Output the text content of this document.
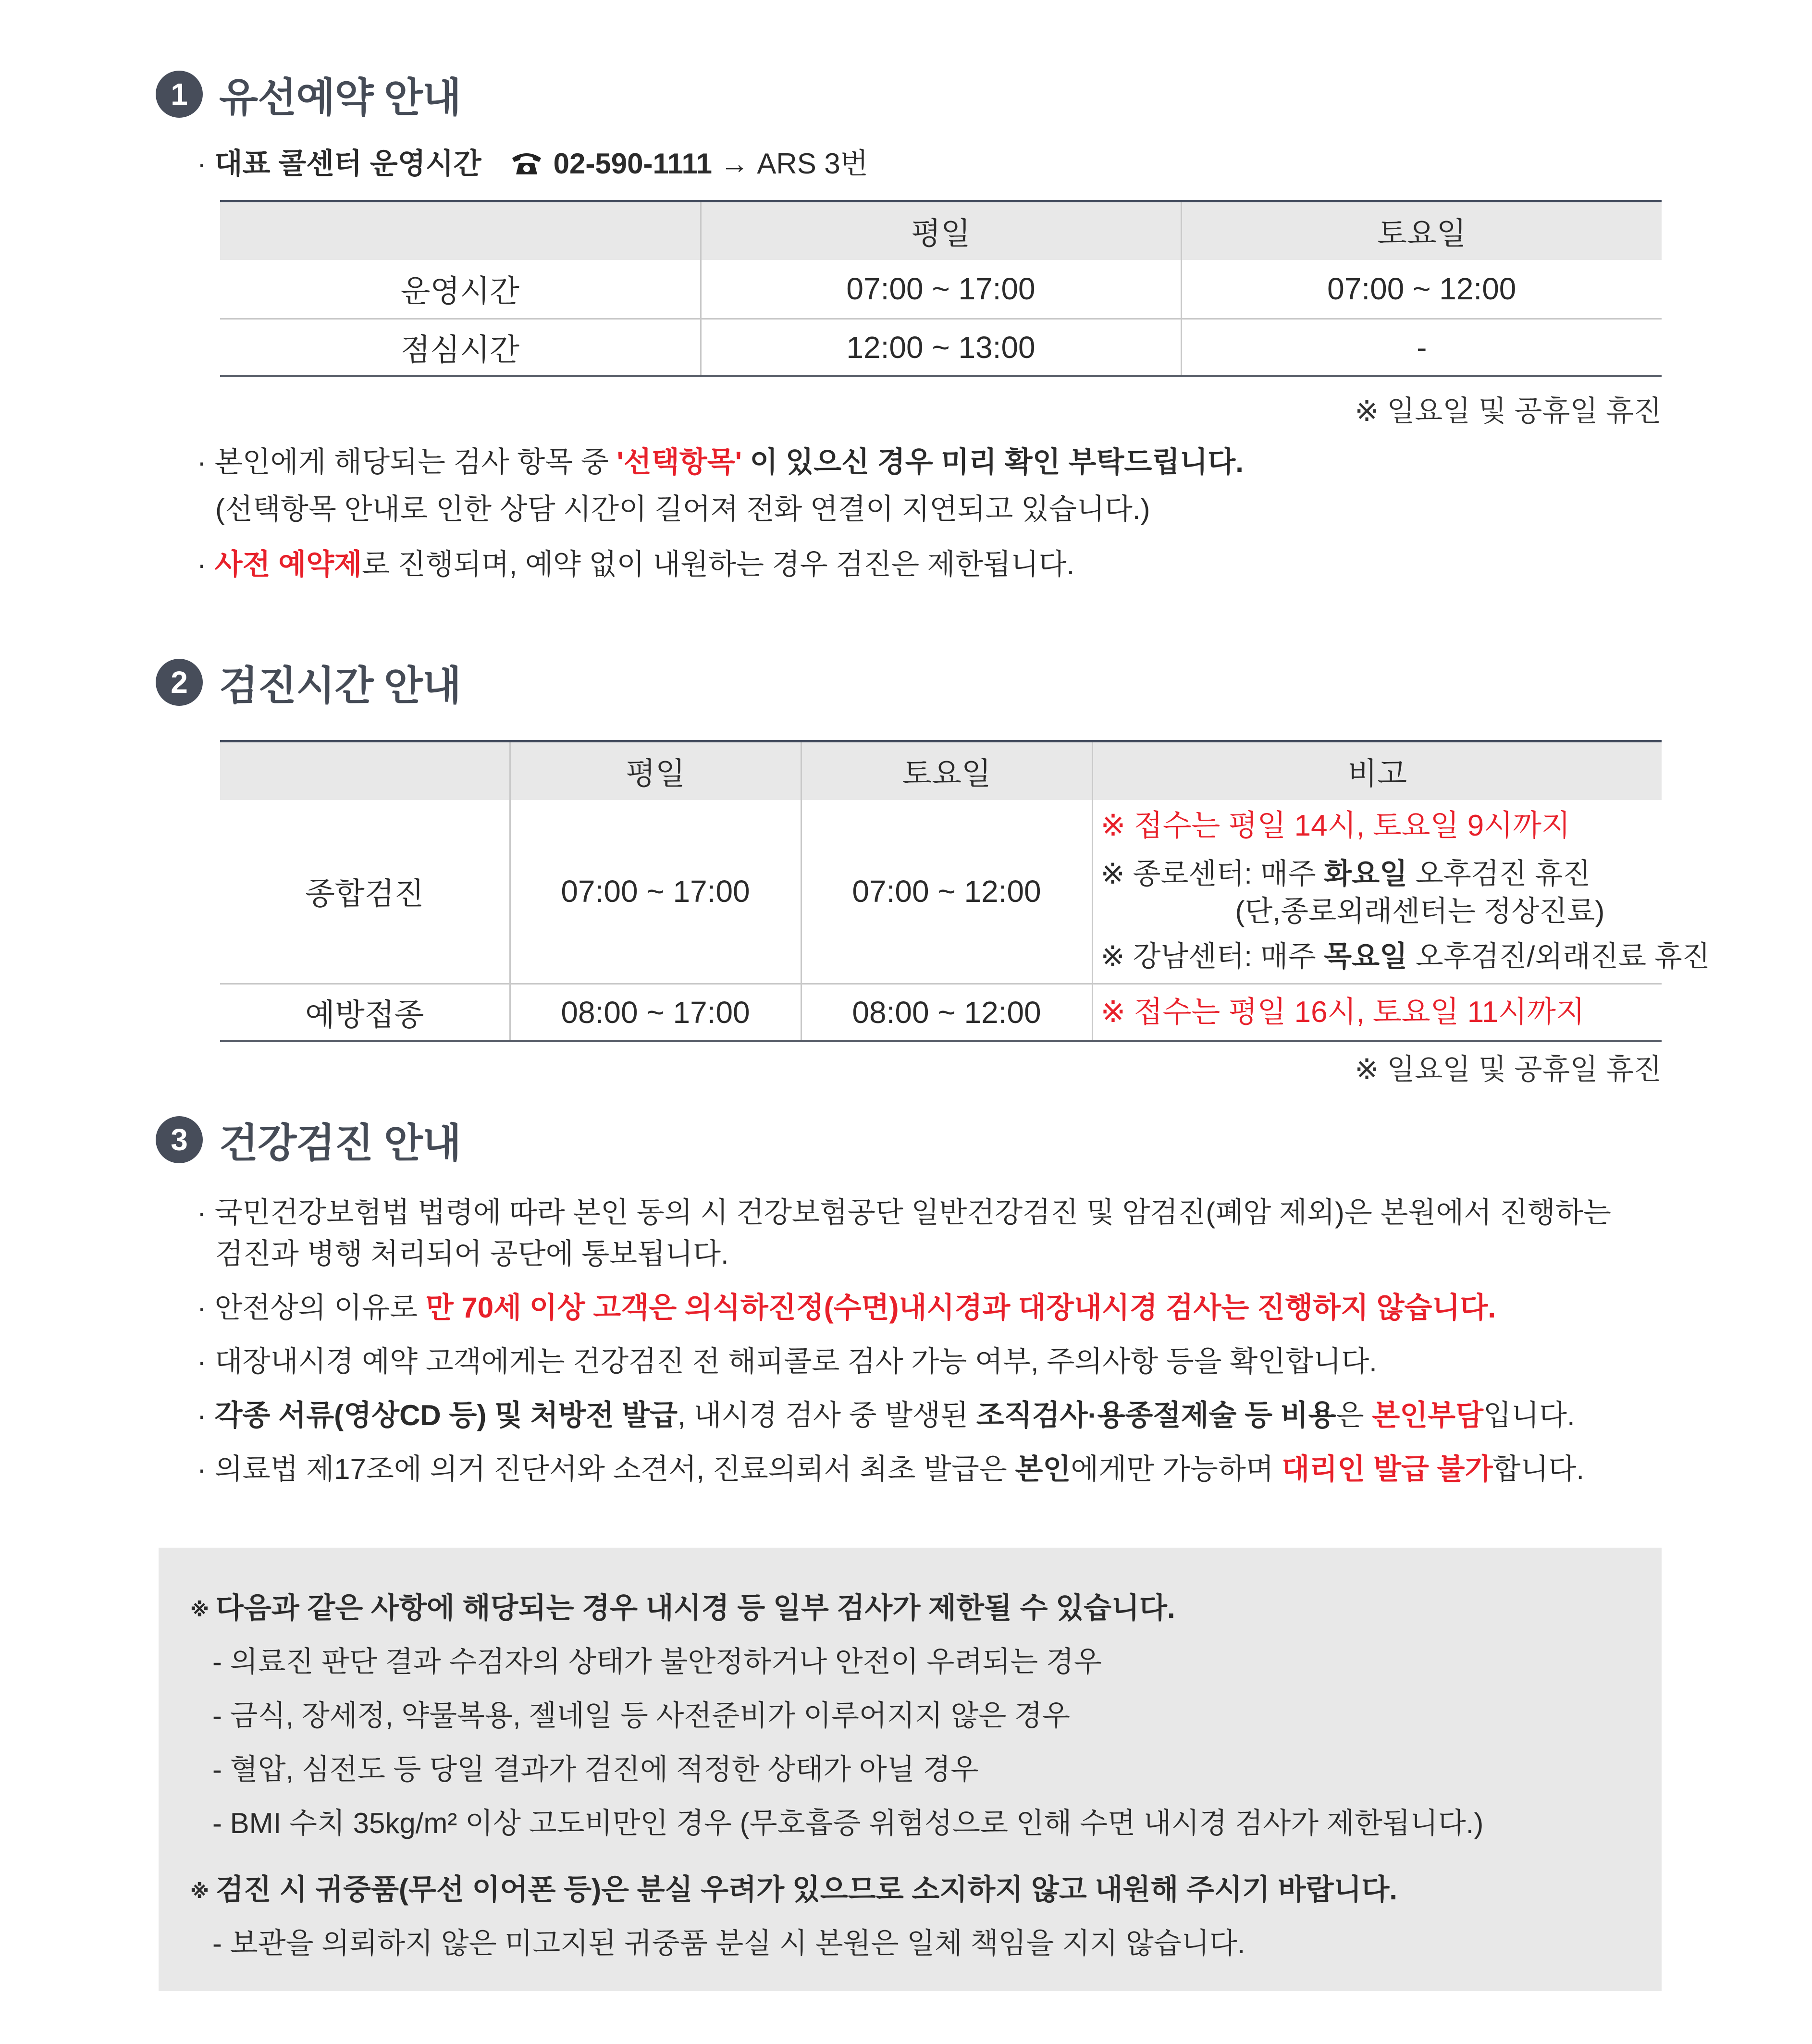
1 유선예약 안내
· 대표 콜센터 운영시간	02-590-1111 → ARS 3번
	평일	토요일
운영시간	07:00 ~ 17:00	07:00 ~ 12:00
점심시간	12:00 ~ 13:00	-
※ 일요일 및 공휴일 휴진
· 본인에게 해당되는 검사 항목 중 '선택항목' 이 있으신 경우 미리 확인 부탁드립니다.
(선택항목 안내로 인한 상담 시간이 길어져 전화 연결이 지연되고 있습니다.)
· 사전 예약제로 진행되며, 예약 없이 내원하는 경우 검진은 제한됩니다.
2 검진시간 안내
	평일	토요일	비고
종합검진	07:00 ~ 17:00	07:00 ~ 12:00	※ 접수는 평일 14시, 토요일 9시까지
※ 종로센터: 매주 화요일 오후검진 휴진
(단,종로외래센터는 정상진료)
※ 강남센터: 매주 목요일 오후검진/외래진료 휴진

예방접종	08:00 ~ 17:00	08:00 ~ 12:00	※ 접수는 평일 16시, 토요일 11시까지
※ 일요일 및 공휴일 휴진
3 건강검진 안내
· 국민건강보험법 법령에 따라 본인 동의 시 건강보험공단 일반건강검진 및 암검진(폐암 제외)은 본원에서 진행하는
검진과 병행 처리되어 공단에 통보됩니다.
· 안전상의 이유로 만 70세 이상 고객은 의식하진정(수면)내시경과 대장내시경 검사는 진행하지 않습니다.
· 대장내시경 예약 고객에게는 건강검진 전 해피콜로 검사 가능 여부, 주의사항 등을 확인합니다.
· 각종 서류(영상CD 등) 및 처방전 발급, 내시경 검사 중 발생된 조직검사·용종절제술 등 비용은 본인부담입니다.
· 의료법 제17조에 의거 진단서와 소견서, 진료의뢰서 최초 발급은 본인에게만 가능하며 대리인 발급 불가합니다.
※ 다음과 같은 사항에 해당되는 경우 내시경 등 일부 검사가 제한될 수 있습니다.
- 의료진 판단 결과 수검자의 상태가 불안정하거나 안전이 우려되는 경우
- 금식, 장세정, 약물복용, 젤네일 등 사전준비가 이루어지지 않은 경우
- 혈압, 심전도 등 당일 결과가 검진에 적정한 상태가 아닐 경우
- BMI 수치 35kg/m² 이상 고도비만인 경우 (무호흡증 위험성으로 인해 수면 내시경 검사가 제한됩니다.)
※ 검진 시 귀중품(무선 이어폰 등)은 분실 우려가 있으므로 소지하지 않고 내원해 주시기 바랍니다.
- 보관을 의뢰하지 않은 미고지된 귀중품 분실 시 본원은 일체 책임을 지지 않습니다.
